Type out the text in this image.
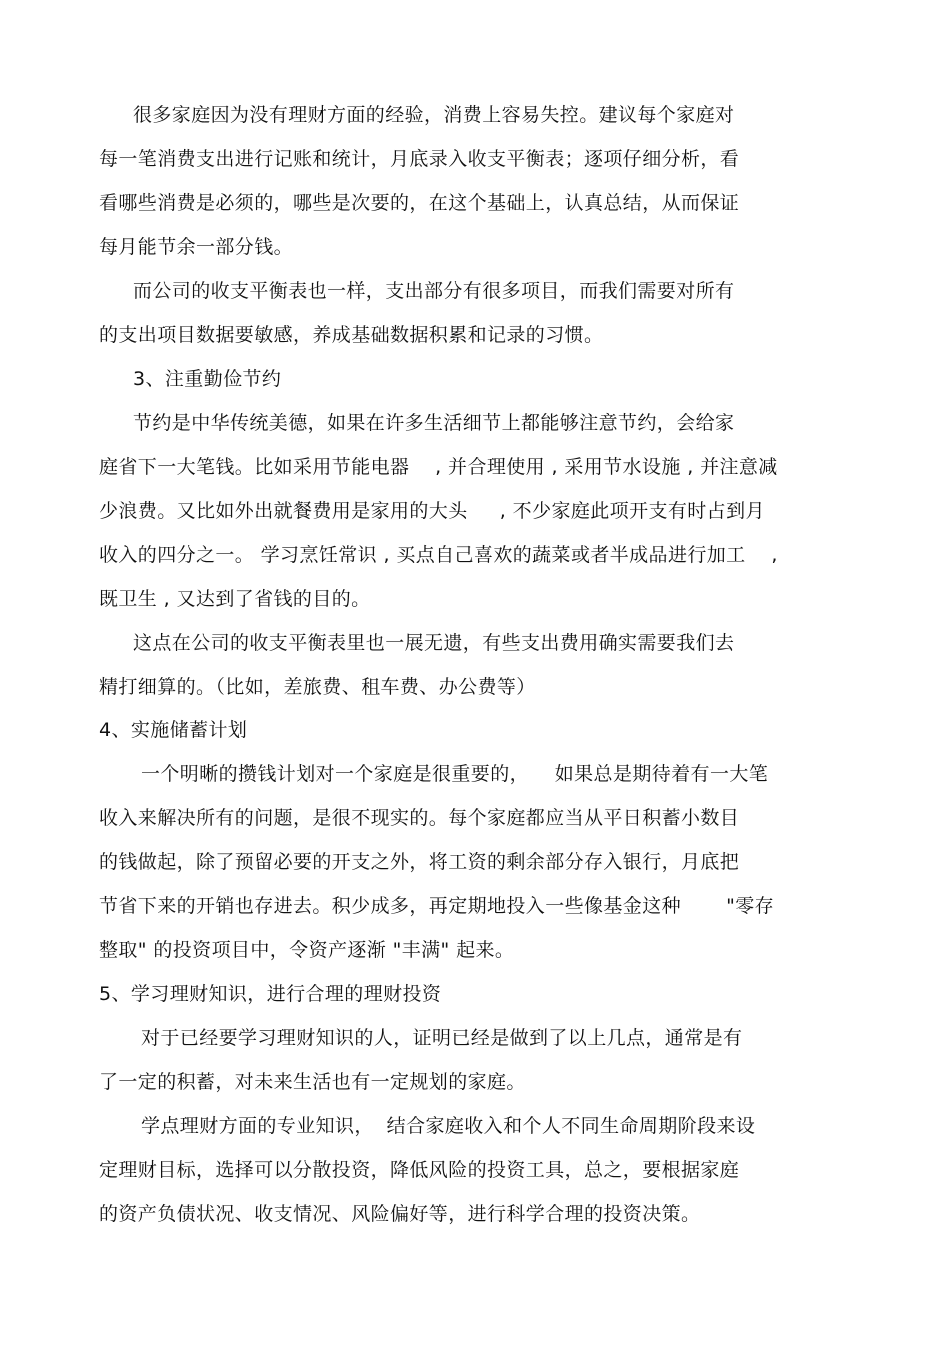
很多家庭因为没有理财方面的经验，消费上容易失控。建议每个家庭对
每一笔消费支出进行记账和统计，月底录入收支平衡表；逐项仔细分析，看
看哪些消费是必须的，哪些是次要的，在这个基础上，认真总结，从而保证
每月能节余一部分钱。
而公司的收支平衡表也一样，支出部分有很多项目，而我们需要对所有
的支出项目数据要敏感，养成基础数据积累和记录的习惯。
3、注重勤俭节约
节约是中华传统美德，如果在许多生活细节上都能够注意节约，会给家
庭省下一大笔钱。比如采用节能电器    , 并合理使用 , 采用节水设施 , 并注意减
少浪费。又比如外出就餐费用是家用的大头     , 不少家庭此项开支有时占到月
收入的四分之一。 学习烹饪常识 , 买点自己喜欢的蔬菜或者半成品进行加工    ,
既卫生 , 又达到了省钱的目的。
这点在公司的收支平衡表里也一展无遗，有些支出费用确实需要我们去
精打细算的。（比如，差旅费、租车费、办公费等）
4、实施储蓄计划
一个明晰的攒钱计划对一个家庭是很重要的，    如果总是期待着有一大笔
收入来解决所有的问题，是很不现实的。每个家庭都应当从平日积蓄小数目
的钱做起，除了预留必要的开支之外，将工资的剩余部分存入银行，月底把
节省下来的开销也存进去。积少成多，再定期地投入一些像基金这种       "零存
整取" 的投资项目中，令资产逐渐 "丰满" 起来。
5、学习理财知识，进行合理的理财投资
对于已经要学习理财知识的人，证明已经是做到了以上几点，通常是有
了一定的积蓄，对未来生活也有一定规划的家庭。
学点理财方面的专业知识，  结合家庭收入和个人不同生命周期阶段来设
定理财目标，选择可以分散投资，降低风险的投资工具，总之，要根据家庭
的资产负债状况、收支情况、风险偏好等，进行科学合理的投资决策。
